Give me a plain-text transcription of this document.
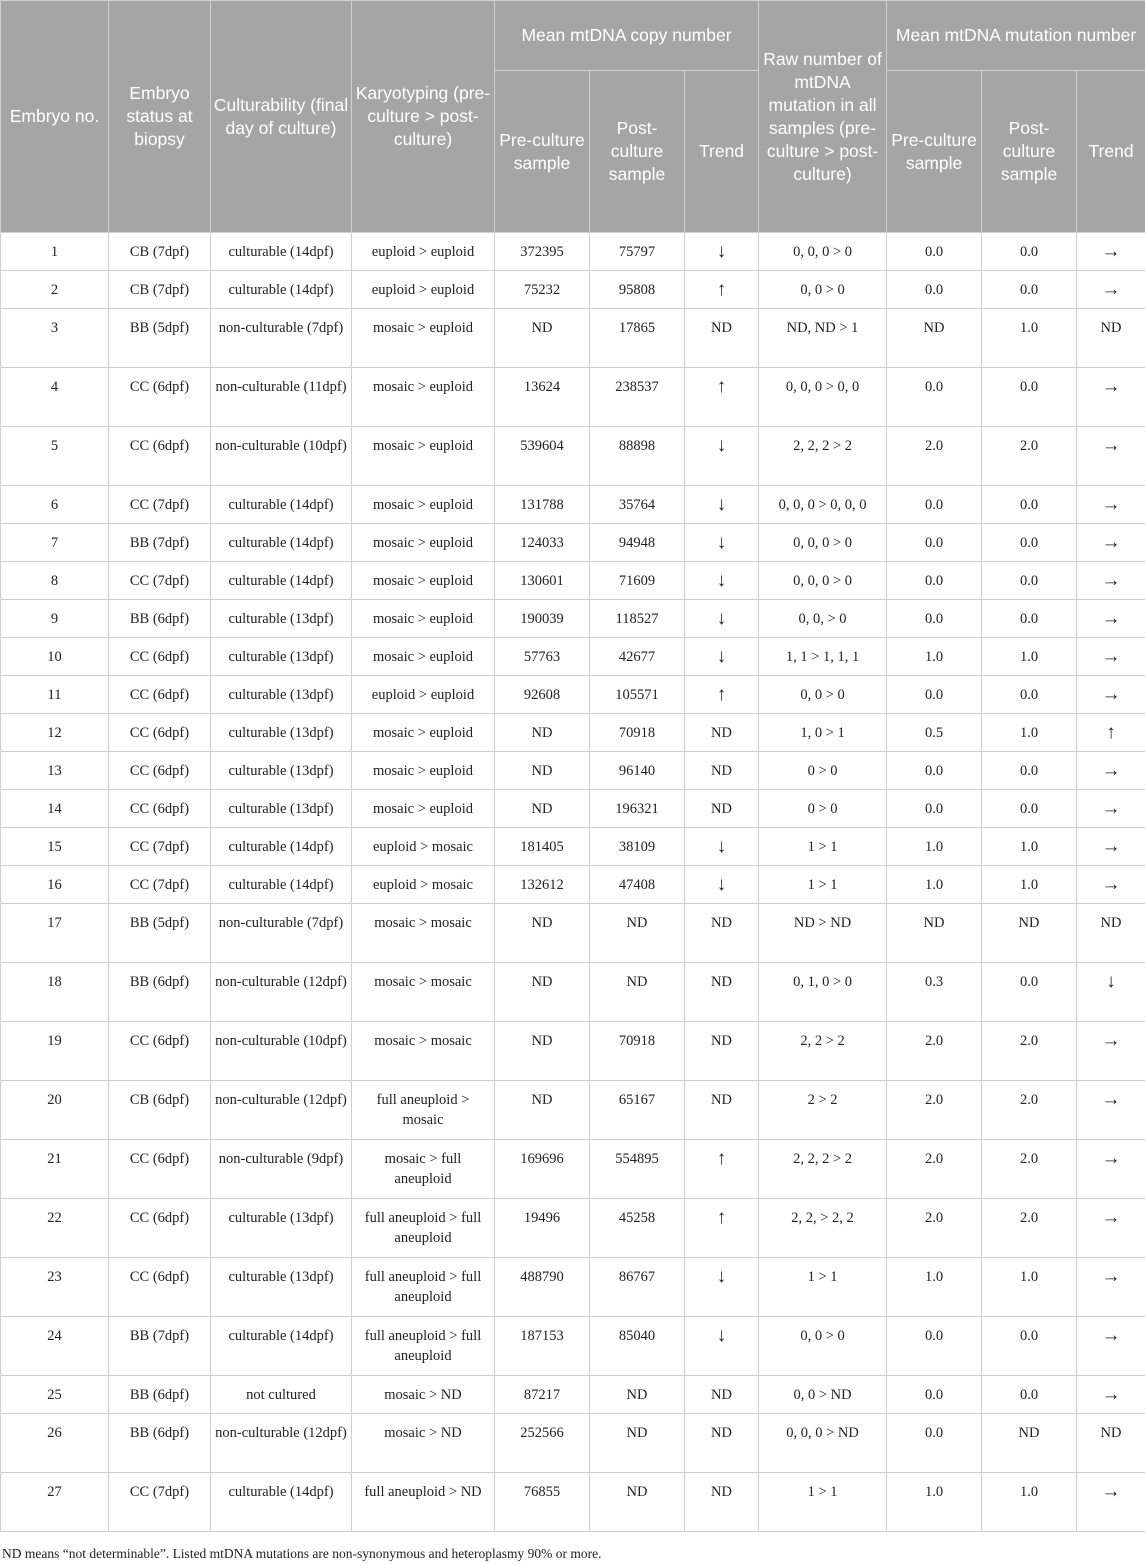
Embryo no.	Embryo status at biopsy	Culturability (final day of culture)	Karyotyping (pre-culture > post-culture)	Mean mtDNA copy number			Raw number of mtDNA mutation in all samples (pre-culture > post-culture)	Mean mtDNA mutation number		
				Pre-culture sample	Post-culture sample	Trend		Pre-culture sample	Post-culture sample	Trend
1	CB (7dpf)	culturable (14dpf)	euploid > euploid	372395	75797	↓	0, 0, 0 > 0	0.0	0.0	→
2	CB (7dpf)	culturable (14dpf)	euploid > euploid	75232	95808	↑	0, 0 > 0	0.0	0.0	→
3	BB (5dpf)	non-culturable (7dpf)	mosaic > euploid	ND	17865	ND	ND, ND > 1	ND	1.0	ND
4	CC (6dpf)	non-culturable (11dpf)	mosaic > euploid	13624	238537	↑	0, 0, 0 > 0, 0	0.0	0.0	→
5	CC (6dpf)	non-culturable (10dpf)	mosaic > euploid	539604	88898	↓	2, 2, 2 > 2	2.0	2.0	→
6	CC (7dpf)	culturable (14dpf)	mosaic > euploid	131788	35764	↓	0, 0, 0 > 0, 0, 0	0.0	0.0	→
7	BB (7dpf)	culturable (14dpf)	mosaic > euploid	124033	94948	↓	0, 0, 0 > 0	0.0	0.0	→
8	CC (7dpf)	culturable (14dpf)	mosaic > euploid	130601	71609	↓	0, 0, 0 > 0	0.0	0.0	→
9	BB (6dpf)	culturable (13dpf)	mosaic > euploid	190039	118527	↓	0, 0, > 0	0.0	0.0	→
10	CC (6dpf)	culturable (13dpf)	mosaic > euploid	57763	42677	↓	1, 1 > 1, 1, 1	1.0	1.0	→
11	CC (6dpf)	culturable (13dpf)	euploid > euploid	92608	105571	↑	0, 0 > 0	0.0	0.0	→
12	CC (6dpf)	culturable (13dpf)	mosaic > euploid	ND	70918	ND	1, 0 > 1	0.5	1.0	↑
13	CC (6dpf)	culturable (13dpf)	mosaic > euploid	ND	96140	ND	0 > 0	0.0	0.0	→
14	CC (6dpf)	culturable (13dpf)	mosaic > euploid	ND	196321	ND	0 > 0	0.0	0.0	→
15	CC (7dpf)	culturable (14dpf)	euploid > mosaic	181405	38109	↓	1 > 1	1.0	1.0	→
16	CC (7dpf)	culturable (14dpf)	euploid > mosaic	132612	47408	↓	1 > 1	1.0	1.0	→
17	BB (5dpf)	non-culturable (7dpf)	mosaic > mosaic	ND	ND	ND	ND > ND	ND	ND	ND
18	BB (6dpf)	non-culturable (12dpf)	mosaic > mosaic	ND	ND	ND	0, 1, 0 > 0	0.3	0.0	↓
19	CC (6dpf)	non-culturable (10dpf)	mosaic > mosaic	ND	70918	ND	2, 2 > 2	2.0	2.0	→
20	CB (6dpf)	non-culturable (12dpf)	full aneuploid > mosaic	ND	65167	ND	2 > 2	2.0	2.0	→
21	CC (6dpf)	non-culturable (9dpf)	mosaic > full aneuploid	169696	554895	↑	2, 2, 2 > 2	2.0	2.0	→
22	CC (6dpf)	culturable (13dpf)	full aneuploid > full aneuploid	19496	45258	↑	2, 2, > 2, 2	2.0	2.0	→
23	CC (6dpf)	culturable (13dpf)	full aneuploid > full aneuploid	488790	86767	↓	1 > 1	1.0	1.0	→
24	BB (7dpf)	culturable (14dpf)	full aneuploid > full aneuploid	187153	85040	↓	0, 0 > 0	0.0	0.0	→
25	BB (6dpf)	not cultured	mosaic > ND	87217	ND	ND	0, 0 > ND	0.0	0.0	→
26	BB (6dpf)	non-culturable (12dpf)	mosaic > ND	252566	ND	ND	0, 0, 0 > ND	0.0	ND	ND
27	CC (7dpf)	culturable (14dpf)	full aneuploid > ND	76855	ND	ND	1 > 1	1.0	1.0	→
ND means “not determinable”. Listed mtDNA mutations are non-synonymous and heteroplasmy 90% or more.
